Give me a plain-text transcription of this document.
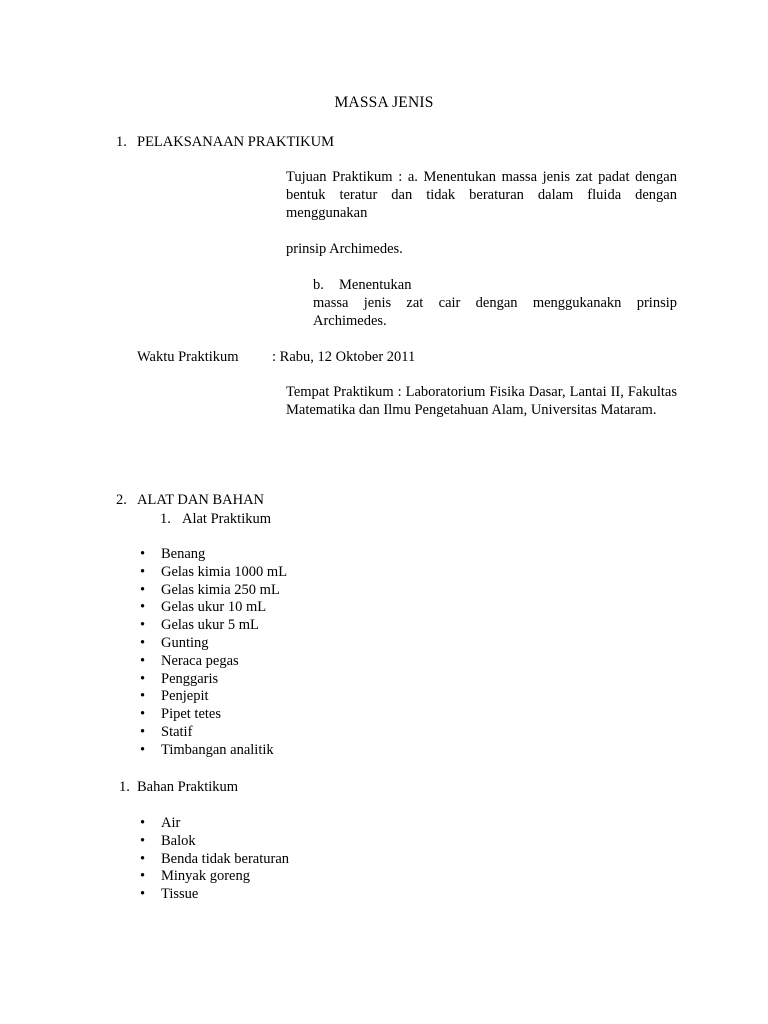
MASSA JENIS
1. PELAKSANAAN PRAKTIKUM
Tujuan Praktikum : a. Menentukan massa jenis zat padat dengan bentuk teratur dan tidak beraturan dalam fluida dengan menggunakan
prinsip Archimedes.
b. Menentukan
massa jenis zat cair dengan menggukanakn prinsip Archimedes.
Waktu Praktikum : Rabu, 12 Oktober 2011
Tempat Praktikum : Laboratorium Fisika Dasar, Lantai II, Fakultas Matematika dan Ilmu Pengetahuan Alam, Universitas Mataram.
2. ALAT DAN BAHAN
1. Alat Praktikum
• Benang
• Gelas kimia 1000 mL
• Gelas kimia 250 mL
• Gelas ukur 10 mL
• Gelas ukur 5 mL
• Gunting
• Neraca pegas
• Penggaris
• Penjepit
• Pipet tetes
• Statif
• Timbangan analitik
1. Bahan Praktikum
• Air
• Balok
• Benda tidak beraturan
• Minyak goreng
• Tissue
